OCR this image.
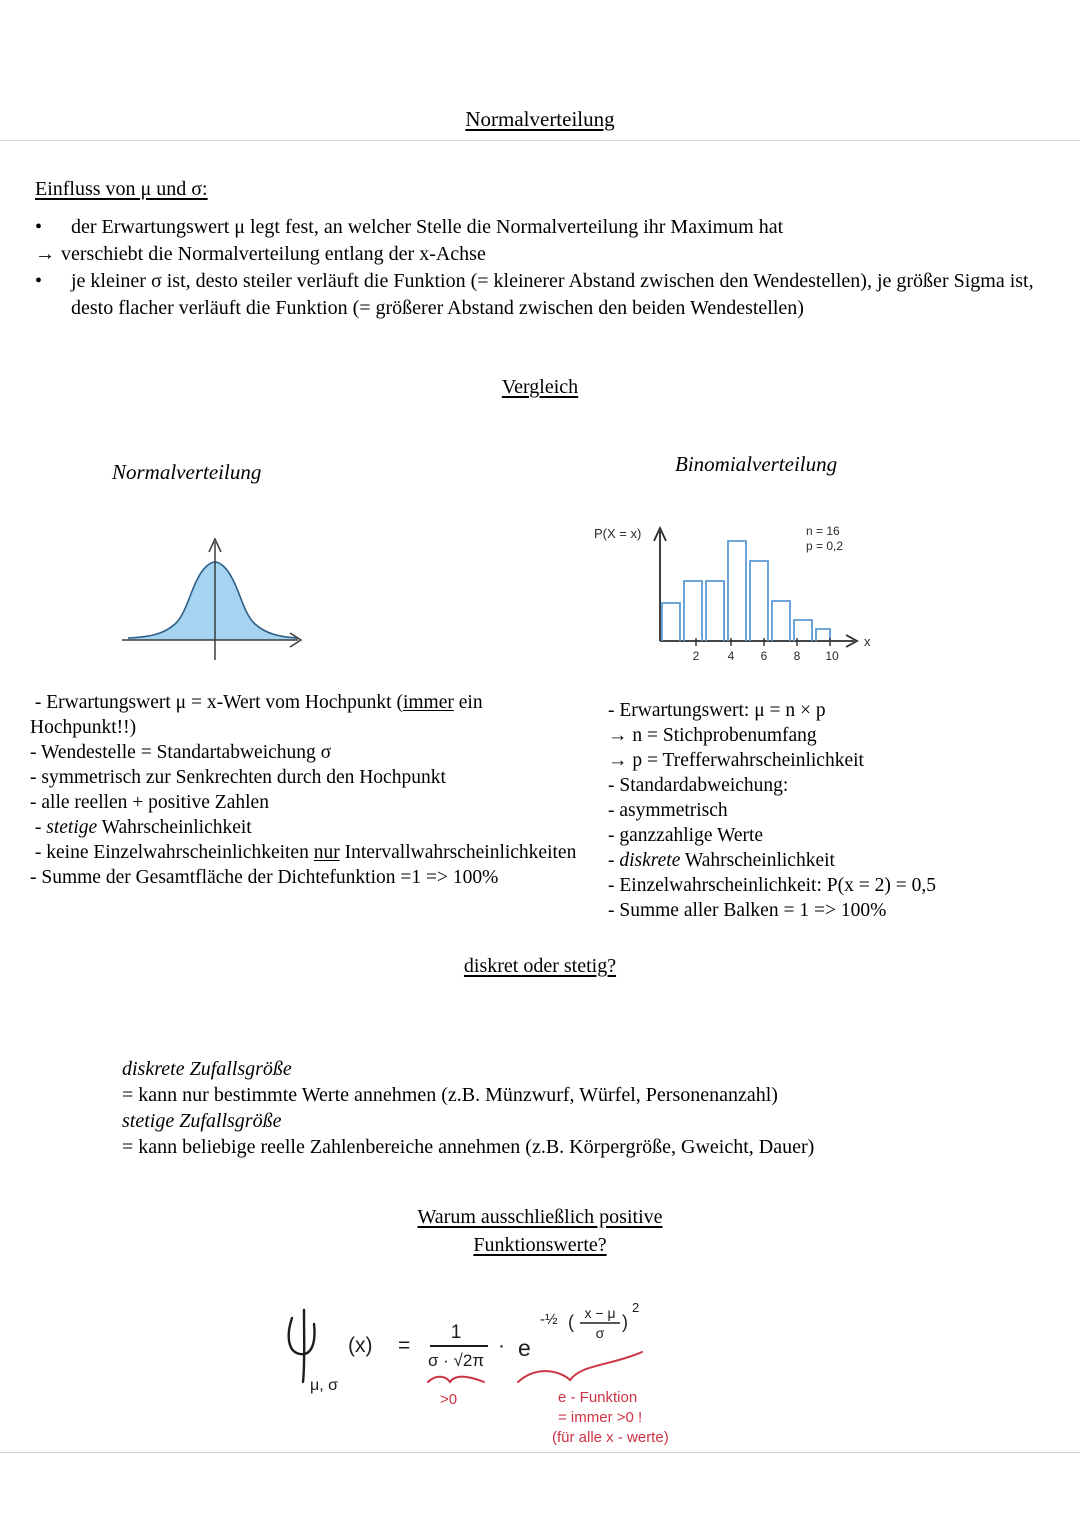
Normalverteilung
Einfluss von μ und σ:
•	der Erwartungswert μ legt fest, an welcher Stelle die Normalverteilung ihr Maximum hat
→ verschiebt die Normalverteilung entlang der x-Achse
•	je kleiner σ ist, desto steiler verläuft die Funktion (= kleinerer Abstand zwischen den Wendestellen), je größer Sigma ist, desto flacher verläuft die Funktion (= größerer Abstand zwischen den beiden Wendestellen)
Vergleich
Normalverteilung	Binomialverteilung
P(X = x)
x
2 4 6 8 10
n = 16
p = 0,2
- Erwartungswert μ = x-Wert vom Hochpunkt (immer ein Hochpunkt!!)
- Wendestelle = Standartabweichung σ
- symmetrisch zur Senkrechten durch den Hochpunkt
- alle reellen + positive Zahlen
- stetige Wahrscheinlichkeit
- keine Einzelwahrscheinlichkeiten nur Intervallwahrscheinlichkeiten
- Summe der Gesamtfläche der Dichtefunktion =1 => 100%
- Erwartungswert: μ = n × p
→ n = Stichprobenumfang
→ p = Trefferwahrscheinlichkeit
- Standardabweichung:
- asymmetrisch
- ganzzahlige Werte
- diskrete Wahrscheinlichkeit
- Einzelwahrscheinlichkeit: P(x = 2) = 0,5
- Summe aller Balken = 1 => 100%
diskret oder stetig?
diskrete Zufallsgröße
= kann nur bestimmte Werte annehmen (z.B. Münzwurf, Würfel, Personenanzahl)
stetige Zufallsgröße
= kann beliebige reelle Zahlenbereiche annehmen (z.B. Körpergröße, Gweicht, Dauer)
Warum ausschließlich positive
Funktionswerte?
μ, σ
(x) =
1
σ · √2π
· e
-½ ( x − μ
σ
)
2
>0	e - Funktion
= immer >0 !
(für alle x - werte)
